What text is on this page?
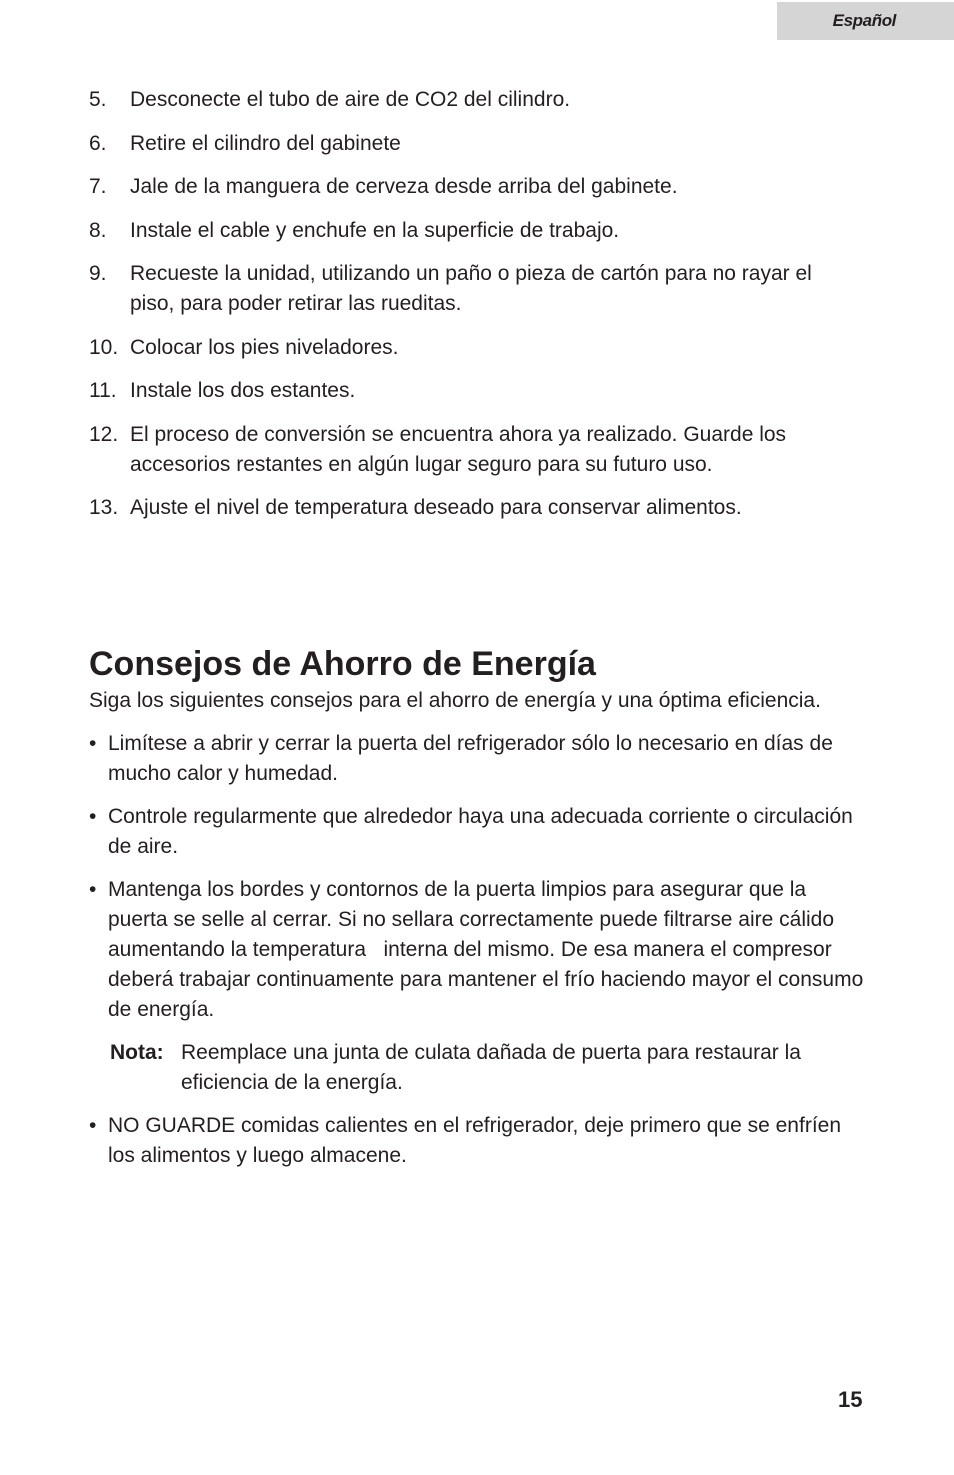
Español
5.	Desconecte el tubo de aire de CO2 del cilindro.
6.	Retire el cilindro del gabinete
7.	Jale de la manguera de cerveza desde arriba del gabinete.
8.	Instale el cable y enchufe en la superficie de trabajo.
9.	Recueste la unidad, utilizando un paño o pieza de cartón para no rayar el
piso, para poder retirar las rueditas.
10. Colocar los pies niveladores.
11. Instale los dos estantes.
12. El proceso de conversión se encuentra ahora ya realizado. Guarde los
accesorios restantes en algún lugar seguro para su futuro uso.
13. Ajuste el nivel de temperatura deseado para conservar alimentos.
Consejos de Ahorro de Energía
Siga los siguientes consejos para el ahorro de energía y una óptima eficiencia.
• Limítese a abrir y cerrar la puerta del refrigerador sólo lo necesario en días de
mucho calor y humedad.
• Controle regularmente que alrededor haya una adecuada corriente o circulación
de aire.
• Mantenga los bordes y contornos de la puerta limpios para asegurar que la
puerta se selle al cerrar. Si no sellara correctamente puede filtrarse aire cálido
aumentando la temperatura   interna del mismo. De esa manera el compresor
deberá trabajar continuamente para mantener el frío haciendo mayor el consumo
de energía.
Nota: Reemplace una junta de culata dañada de puerta para restaurar la
eficiencia de la energía.
• NO GUARDE comidas calientes en el refrigerador, deje primero que se enfríen
los alimentos y luego almacene.
15
